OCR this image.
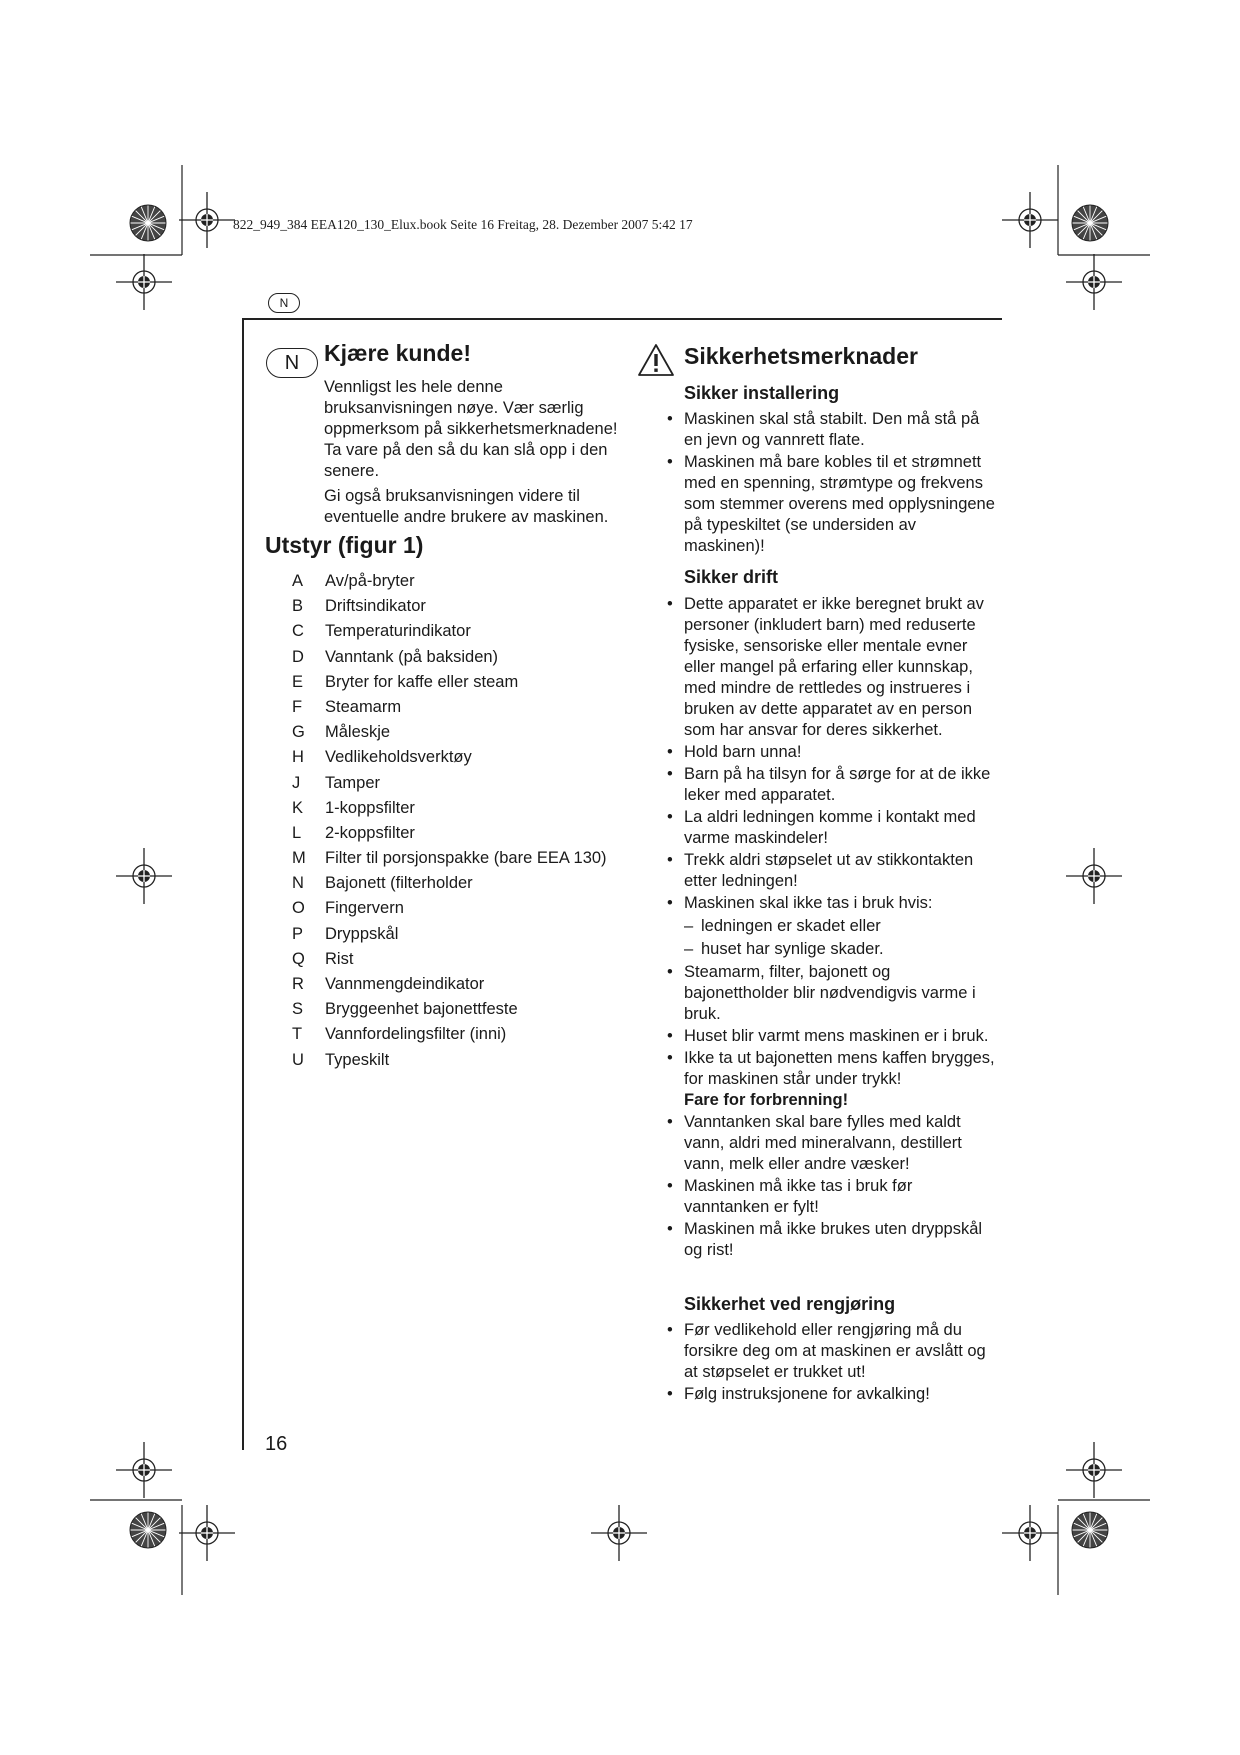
822_949_384 EEA120_130_Elux.book Seite 16 Freitag, 28. Dezember 2007 5:42 17
N
N	Kjære kunde!

Vennligst les hele denne bruksanvisningen nøye. Vær særlig oppmerksom på sikkerhetsmerknadene! Ta vare på den så du kan slå opp i den senere.

Gi også bruksanvisningen videre til eventuelle andre brukere av maskinen.

Utstyr (figur 1)
A Av/på-bryter
B Driftsindikator
C Temperaturindikator
D Vanntank (på baksiden)
E Bryter for kaffe eller steam
F Steamarm
G Måleskje
H Vedlikeholdsverktøy
J Tamper
K 1-koppsfilter
L 2-koppsfilter
M Filter til porsjonspakke (bare EEA 130)
N Bajonett (filterholder
O Fingervern
P Dryppskål
Q Rist
R Vannmengdeindikator
S Bryggeenhet bajonettfeste
T Vannfordelingsfilter (inni)
U Typeskilt
Sikkerhetsmerknader
Sikker installering
• Maskinen skal stå stabilt. Den må stå på en jevn og vannrett flate.
• Maskinen må bare kobles til et strømnett med en spenning, strømtype og frekvens som stemmer overens med opplysningene på typeskiltet (se undersiden av maskinen)!
Sikker drift
• Dette apparatet er ikke beregnet brukt av personer (inkludert barn) med reduserte fysiske, sensoriske eller mentale evner eller mangel på erfaring eller kunnskap, med mindre de rettledes og instrueres i bruken av dette apparatet av en person som har ansvar for deres sikkerhet.
• Hold barn unna!
• Barn på ha tilsyn for å sørge for at de ikke leker med apparatet.
• La aldri ledningen komme i kontakt med varme maskindeler!
• Trekk aldri støpselet ut av stikkontakten etter ledningen!
• Maskinen skal ikke tas i bruk hvis:
– ledningen er skadet eller
– huset har synlige skader.
• Steamarm, filter, bajonett og bajonettholder blir nødvendigvis varme i bruk.
• Huset blir varmt mens maskinen er i bruk.
• Ikke ta ut bajonetten mens kaffen brygges, for maskinen står under trykk!
Fare for forbrenning!
• Vanntanken skal bare fylles med kaldt vann, aldri med mineralvann, destillert vann, melk eller andre væsker!
• Maskinen må ikke tas i bruk før vanntanken er fylt!
• Maskinen må ikke brukes uten dryppskål og rist!
Sikkerhet ved rengjøring
• Før vedlikehold eller rengjøring må du forsikre deg om at maskinen er avslått og at støpselet er trukket ut!
• Følg instruksjonene for avkalking!
16
